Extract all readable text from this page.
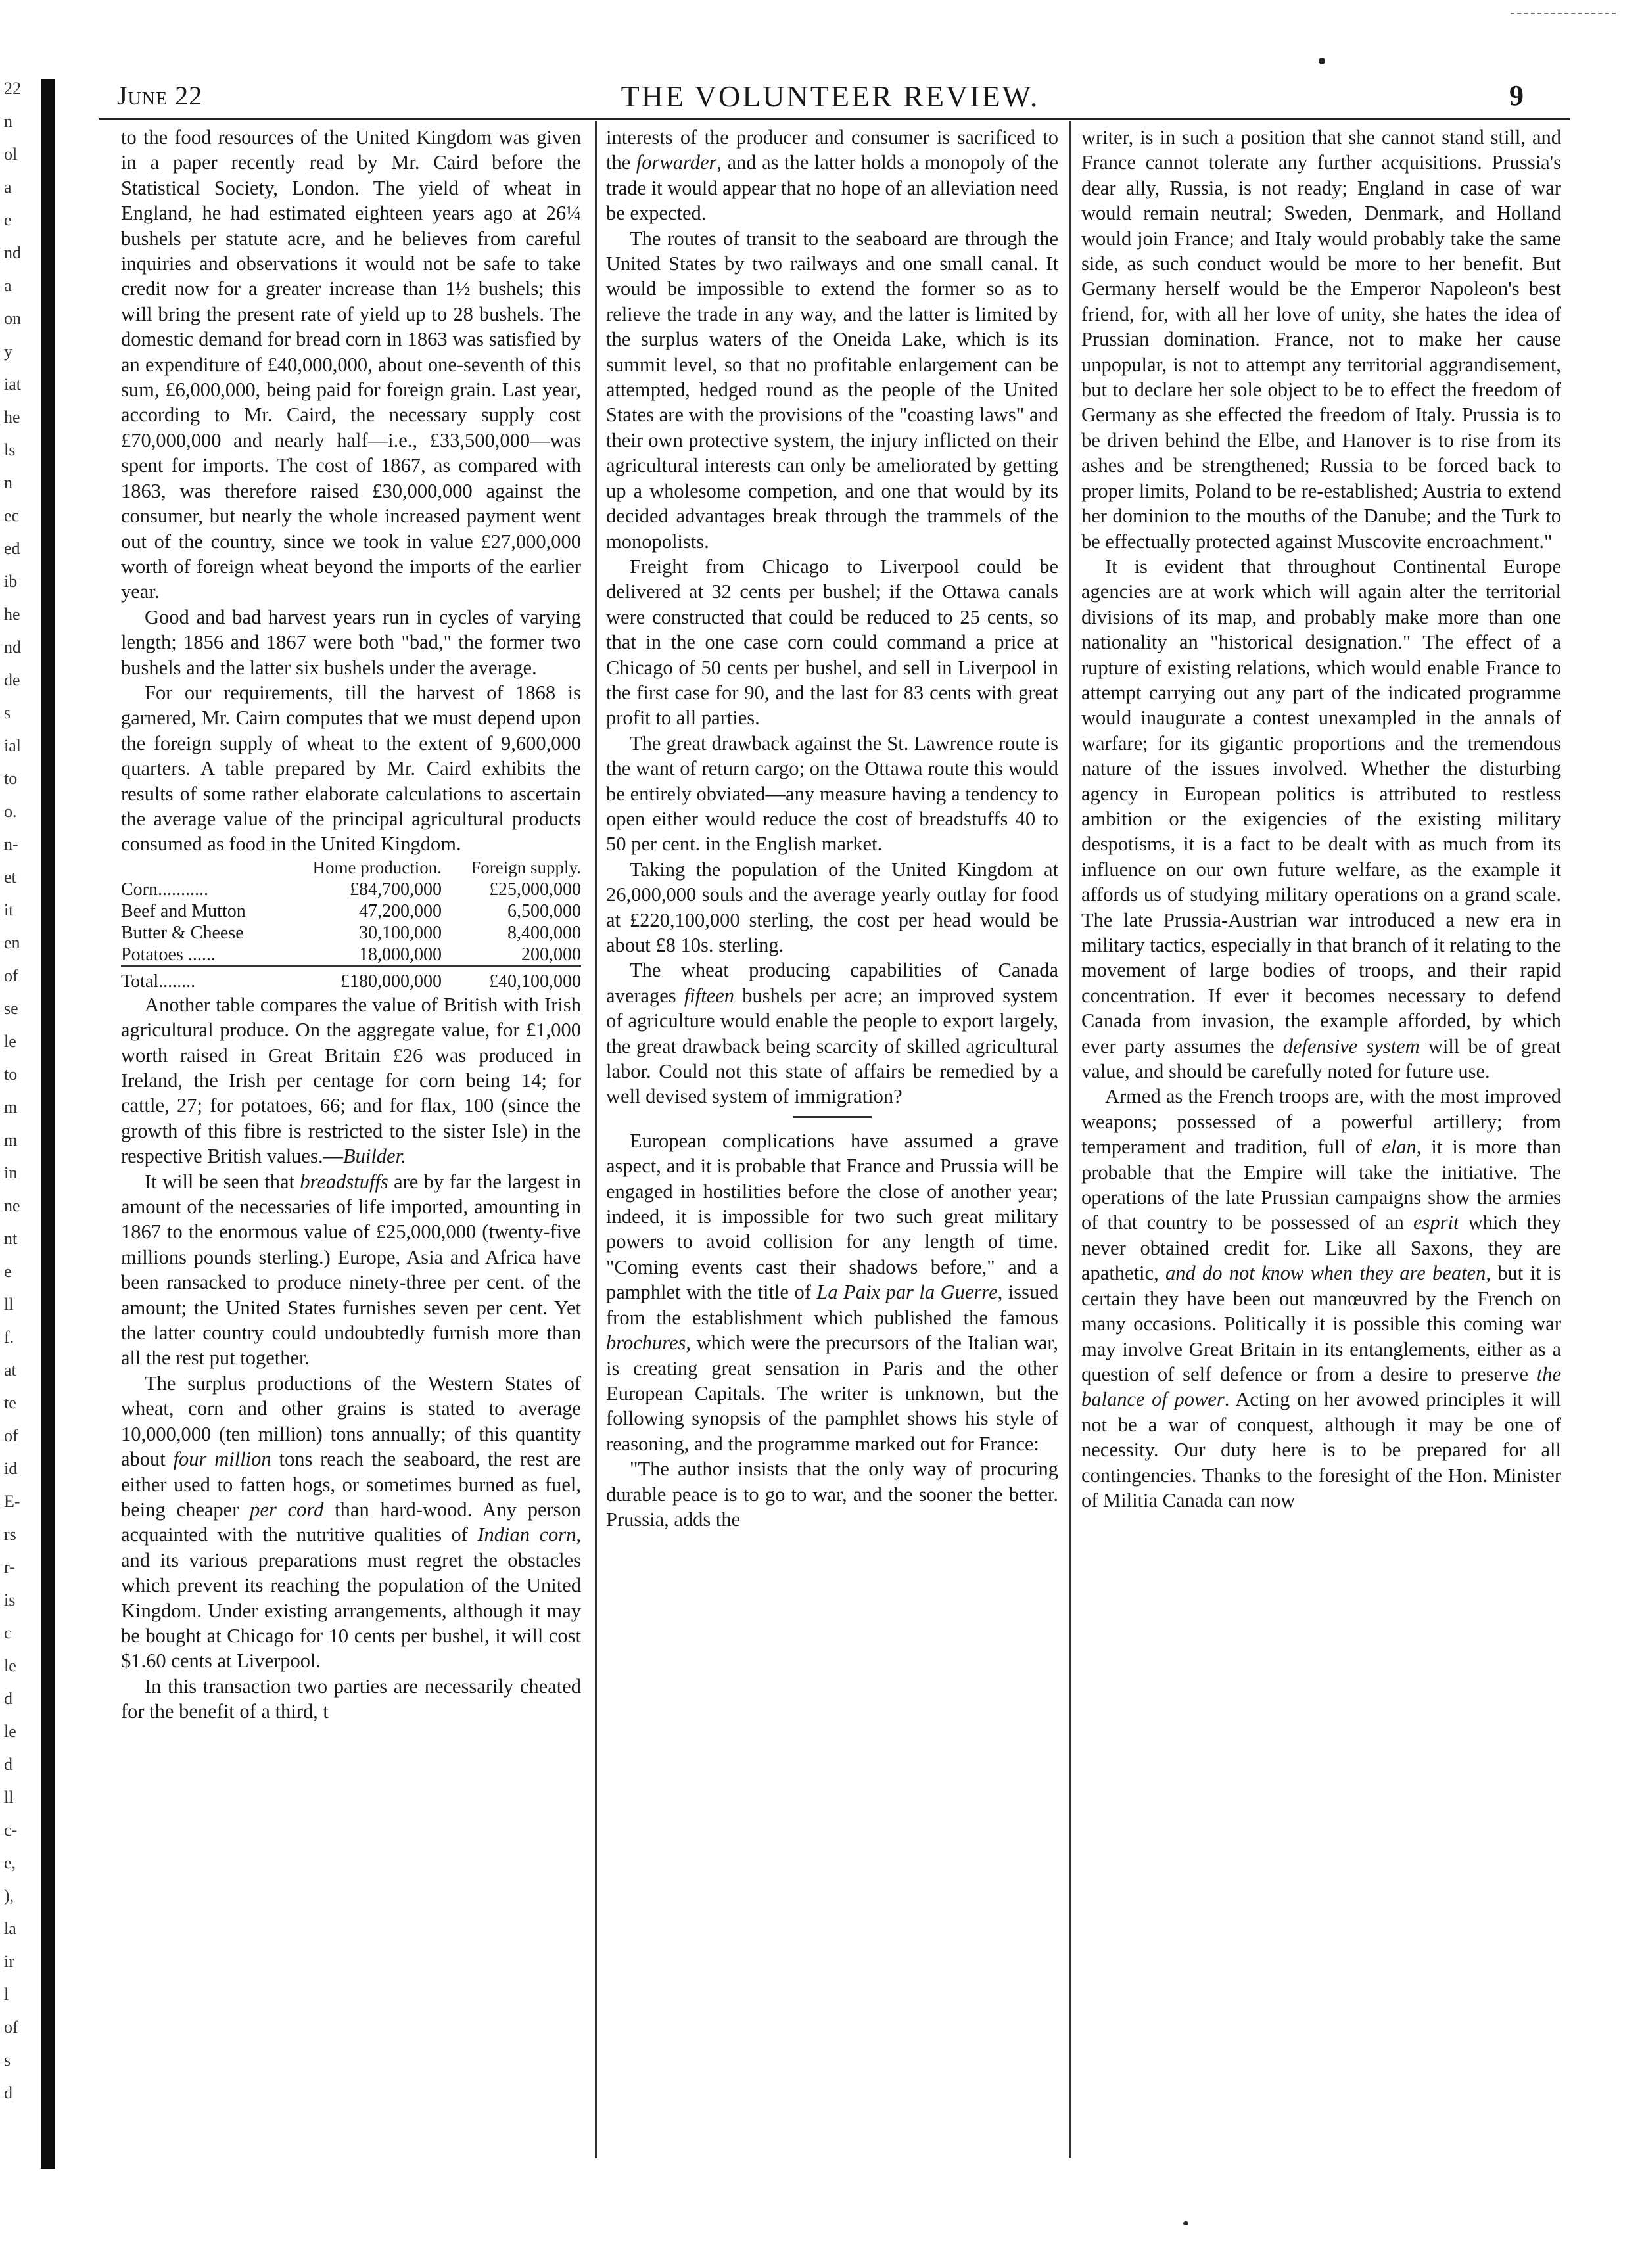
22
n
ol
a
e
nd
a
on
y
iat
he
ls
n
ec
ed
ib
he
nd
de
s
ial
to
o.
n-
et
it
en
of
se
le
to
m
m
in
ne
nt
e
ll
f.
at
te
of
id
E-
rs
r-
is
c
le
d
le
d
ll
c-
e,
),
la
ir
l
of
s
d
June 22	THE VOLUNTEER REVIEW.	9

to the food resources of the United Kingdom was given in a paper recently read by Mr. Caird before the Statistical Society, London. The yield of wheat in England, he had estimated eighteen years ago at 26¼ bushels per statute acre, and he believes from careful inquiries and observations it would not be safe to take credit now for a greater increase than 1½ bushels; this will bring the present rate of yield up to 28 bushels. The domestic demand for bread corn in 1863 was satisfied by an expenditure of £40,000,000, about one-seventh of this sum, £6,000,000, being paid for foreign grain. Last year, according to Mr. Caird, the necessary supply cost £70,000,000 and nearly half—i.e., £33,500,000—was spent for imports. The cost of 1867, as compared with 1863, was therefore raised £30,000,000 against the consumer, but nearly the whole increased payment went out of the country, since we took in value £27,000,000 worth of foreign wheat beyond the imports of the earlier year.

Good and bad harvest years run in cycles of varying length; 1856 and 1867 were both "bad," the former two bushels and the latter six bushels under the average.

For our requirements, till the harvest of 1868 is garnered, Mr. Cairn computes that we must depend upon the foreign supply of wheat to the extent of 9,600,000 quarters. A table prepared by Mr. Caird exhibits the results of some rather elaborate calculations to ascertain the average value of the principal agricultural products consumed as food in the United Kingdom.

	Home production.	Foreign supply.
Corn...........	£84,700,000	£25,000,000
Beef and Mutton	47,200,000	6,500,000
Butter & Cheese	30,100,000	8,400,000
Potatoes ......	18,000,000	200,000
Total........	£180,000,000	£40,100,000

Another table compares the value of British with Irish agricultural produce. On the aggregate value, for £1,000 worth raised in Great Britain £26 was produced in Ireland, the Irish per centage for corn being 14; for cattle, 27; for potatoes, 66; and for flax, 100 (since the growth of this fibre is restricted to the sister Isle) in the respective British values.—Builder.

It will be seen that breadstuffs are by far the largest in amount of the necessaries of life imported, amounting in 1867 to the enormous value of £25,000,000 (twenty-five millions pounds sterling.) Europe, Asia and Africa have been ransacked to produce ninety-three per cent. of the amount; the United States furnishes seven per cent. Yet the latter country could undoubtedly furnish more than all the rest put together.

The surplus productions of the Western States of wheat, corn and other grains is stated to average 10,000,000 (ten million) tons annually; of this quantity about four million tons reach the seaboard, the rest are either used to fatten hogs, or sometimes burned as fuel, being cheaper per cord than hard-wood. Any person acquainted with the nutritive qualities of Indian corn, and its various preparations must regret the obstacles which prevent its reaching the population of the United Kingdom. Under existing arrangements, although it may be bought at Chicago for 10 cents per bushel, it will cost $1.60 cents at Liverpool.

In this transaction two parties are necessarily cheated for the benefit of a third, t

interests of the producer and consumer is sacrificed to the forwarder, and as the latter holds a monopoly of the trade it would appear that no hope of an alleviation need be expected.

The routes of transit to the seaboard are through the United States by two railways and one small canal. It would be impossible to extend the former so as to relieve the trade in any way, and the latter is limited by the surplus waters of the Oneida Lake, which is its summit level, so that no profitable enlargement can be attempted, hedged round as the people of the United States are with the provisions of the "coasting laws" and their own protective system, the injury inflicted on their agricultural interests can only be ameliorated by getting up a wholesome competion, and one that would by its decided advantages break through the trammels of the monopolists.

Freight from Chicago to Liverpool could be delivered at 32 cents per bushel; if the Ottawa canals were constructed that could be reduced to 25 cents, so that in the one case corn could command a price at Chicago of 50 cents per bushel, and sell in Liverpool in the first case for 90, and the last for 83 cents with great profit to all parties.

The great drawback against the St. Lawrence route is the want of return cargo; on the Ottawa route this would be entirely obviated—any measure having a tendency to open either would reduce the cost of breadstuffs 40 to 50 per cent. in the English market.

Taking the population of the United Kingdom at 26,000,000 souls and the average yearly outlay for food at £220,100,000 sterling, the cost per head would be about £8 10s. sterling.

The wheat producing capabilities of Canada averages fifteen bushels per acre; an improved system of agriculture would enable the people to export largely, the great drawback being scarcity of skilled agricultural labor. Could not this state of affairs be remedied by a well devised system of immigration?

European complications have assumed a grave aspect, and it is probable that France and Prussia will be engaged in hostilities before the close of another year; indeed, it is impossible for two such great military powers to avoid collision for any length of time. "Coming events cast their shadows before," and a pamphlet with the title of La Paix par la Guerre, issued from the establishment which published the famous brochures, which were the precursors of the Italian war, is creating great sensation in Paris and the other European Capitals. The writer is unknown, but the following synopsis of the pamphlet shows his style of reasoning, and the programme marked out for France:

"The author insists that the only way of procuring durable peace is to go to war, and the sooner the better. Prussia, adds the

writer, is in such a position that she cannot stand still, and France cannot tolerate any further acquisitions. Prussia's dear ally, Russia, is not ready; England in case of war would remain neutral; Sweden, Denmark, and Holland would join France; and Italy would probably take the same side, as such conduct would be more to her benefit. But Germany herself would be the Emperor Napoleon's best friend, for, with all her love of unity, she hates the idea of Prussian domination. France, not to make her cause unpopular, is not to attempt any territorial aggrandisement, but to declare her sole object to be to effect the freedom of Germany as she effected the freedom of Italy. Prussia is to be driven behind the Elbe, and Hanover is to rise from its ashes and be strengthened; Russia to be forced back to proper limits, Poland to be re-established; Austria to extend her dominion to the mouths of the Danube; and the Turk to be effectually protected against Muscovite encroachment."

It is evident that throughout Continental Europe agencies are at work which will again alter the territorial divisions of its map, and probably make more than one nationality an "historical designation." The effect of a rupture of existing relations, which would enable France to attempt carrying out any part of the indicated programme would inaugurate a contest unexampled in the annals of warfare; for its gigantic proportions and the tremendous nature of the issues involved. Whether the disturbing agency in European politics is attributed to restless ambition or the exigencies of the existing military despotisms, it is a fact to be dealt with as much from its influence on our own future welfare, as the example it affords us of studying military operations on a grand scale. The late Prussia-Austrian war introduced a new era in military tactics, especially in that branch of it relating to the movement of large bodies of troops, and their rapid concentration. If ever it becomes necessary to defend Canada from invasion, the example afforded, by which ever party assumes the defensive system will be of great value, and should be carefully noted for future use.

Armed as the French troops are, with the most improved weapons; possessed of a powerful artillery; from temperament and tradition, full of elan, it is more than probable that the Empire will take the initiative. The operations of the late Prussian campaigns show the armies of that country to be possessed of an esprit which they never obtained credit for. Like all Saxons, they are apathetic, and do not know when they are beaten, but it is certain they have been out manœuvred by the French on many occasions. Politically it is possible this coming war may involve Great Britain in its entanglements, either as a question of self defence or from a desire to preserve the balance of power. Acting on her avowed principles it will not be a war of conquest, although it may be one of necessity. Our duty here is to be prepared for all contingencies. Thanks to the foresight of the Hon. Minister of Militia Canada can now
